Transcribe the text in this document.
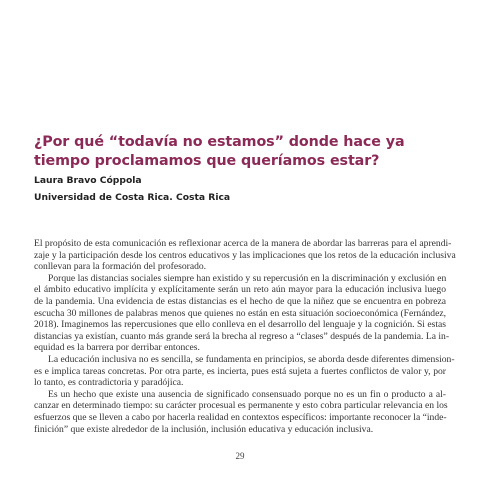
¿Por qué “todavía no estamos” donde hace ya tiempo proclamamos que queríamos estar?

Laura Bravo Cóppola

Universidad de Costa Rica. Costa Rica

El propósito de esta comunicación es reflexionar acerca de la manera de abordar las barreras para el aprendi-
zaje y la participación desde los centros educativos y las implicaciones que los retos de la educación inclusiva
conllevan para la formación del profesorado.
Porque las distancias sociales siempre han existido y su repercusión en la discriminación y exclusión en
el ámbito educativo implícita y explícitamente serán un reto aún mayor para la educación inclusiva luego
de la pandemia. Una evidencia de estas distancias es el hecho de que la niñez que se encuentra en pobreza
escucha 30 millones de palabras menos que quienes no están en esta situación socioeconómica (Fernández,
2018). Imaginemos las repercusiones que ello conlleva en el desarrollo del lenguaje y la cognición. Si estas
distancias ya existían, cuanto más grande será la brecha al regreso a “clases” después de la pandemia. La in-
equidad es la barrera por derribar entonces.
La educación inclusiva no es sencilla, se fundamenta en principios, se aborda desde diferentes dimension-
es e implica tareas concretas. Por otra parte, es incierta, pues está sujeta a fuertes conflictos de valor y, por
lo tanto, es contradictoria y paradójica.
Es un hecho que existe una ausencia de significado consensuado porque no es un fin o producto a al-
canzar en determinado tiempo: su carácter procesual es permanente y esto cobra particular relevancia en los
esfuerzos que se lleven a cabo por hacerla realidad en contextos específicos: importante reconocer la “inde-
finición” que existe alrededor de la inclusión, inclusión educativa y educación inclusiva.
29
